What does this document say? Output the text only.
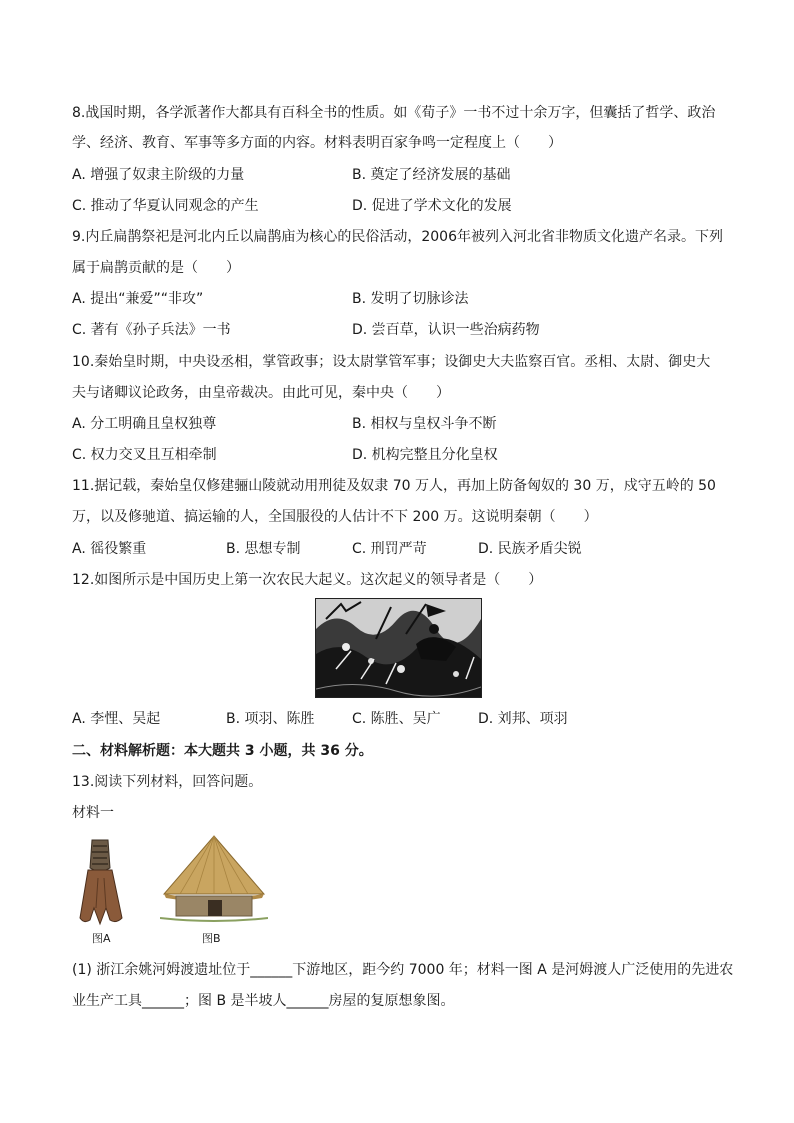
8.战国时期，各学派著作大都具有百科全书的性质。如《荀子》一书不过十余万字，但囊括了哲学、政治
学、经济、教育、军事等多方面的内容。材料表明百家争鸣一定程度上（　　）
A. 增强了奴隶主阶级的力量	B. 奠定了经济发展的基础
C. 推动了华夏认同观念的产生	D. 促进了学术文化的发展
9.内丘扁鹊祭祀是河北内丘以扁鹊庙为核心的民俗活动，2006年被列入河北省非物质文化遗产名录。下列
属于扁鹊贡献的是（　　）
A. 提出“兼爱”“非攻”	B. 发明了切脉诊法
C. 著有《孙子兵法》一书	D. 尝百草，认识一些治病药物
10.秦始皇时期，中央设丞相，掌管政事；设太尉掌管军事；设御史大夫监察百官。丞相、太尉、御史大
夫与诸卿议论政务，由皇帝裁决。由此可见，秦中央（　　）
A. 分工明确且皇权独尊	B. 相权与皇权斗争不断
C. 权力交叉且互相牵制	D. 机构完整且分化皇权
11.据记载，秦始皇仅修建骊山陵就动用刑徒及奴隶 70 万人，再加上防备匈奴的 30 万，戍守五岭的 50
万，以及修驰道、搞运输的人，全国服役的人估计不下 200 万。这说明秦朝（　　）
A. 徭役繁重	B. 思想专制	C. 刑罚严苛	D. 民族矛盾尖锐
12.如图所示是中国历史上第一次农民大起义。这次起义的领导者是（　　）
A. 李悝、吴起	B. 项羽、陈胜	C. 陈胜、吴广	D. 刘邦、项羽
二、材料解析题：本大题共 3 小题，共 36 分。
13.阅读下列材料，回答问题。
材料一
图A	图B
(1) 浙江余姚河姆渡遗址位于______下游地区，距今约 7000 年；材料一图 A 是河姆渡人广泛使用的先进农
业生产工具______；图 B 是半坡人______房屋的复原想象图。
